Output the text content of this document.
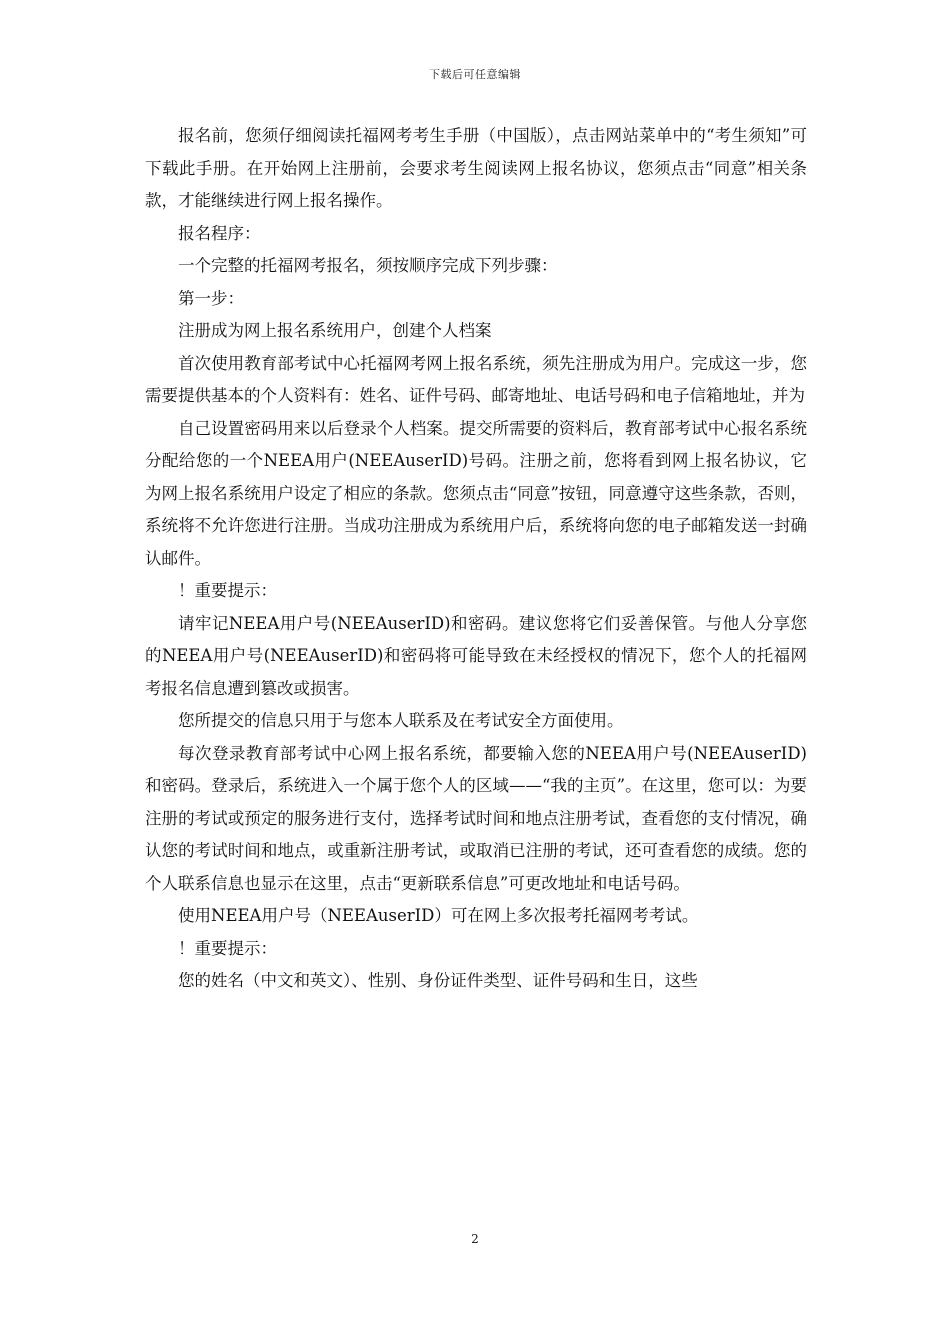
下载后可任意编辑

报名前，您须仔细阅读托福网考考生手册（中国版），点击网站菜单中的“考生须知”可下载此手册。在开始网上注册前，会要求考生阅读网上报名协议，您须点击“同意”相关条款，才能继续进行网上报名操作。

报名程序：

一个完整的托福网考报名，须按顺序完成下列步骤：

第一步：

注册成为网上报名系统用户，创建个人档案

首次使用教育部考试中心托福网考网上报名系统，须先注册成为用户。完成这一步，您需要提供基本的个人资料有：姓名、证件号码、邮寄地址、电话号码和电子信箱地址，并为

自己设置密码用来以后登录个人档案。提交所需要的资料后，教育部考试中心报名系统分配给您的一个NEEA用户(NEEAuserID)号码。注册之前，您将看到网上报名协议，它为网上报名系统用户设定了相应的条款。您须点击“同意”按钮，同意遵守这些条款，否则，系统将不允许您进行注册。当成功注册成为系统用户后，系统将向您的电子邮箱发送一封确认邮件。

！重要提示：

请牢记NEEA用户号(NEEAuserID)和密码。建议您将它们妥善保管。与他人分享您的NEEA用户号(NEEAuserID)和密码将可能导致在未经授权的情况下，您个人的托福网考报名信息遭到篡改或损害。

您所提交的信息只用于与您本人联系及在考试安全方面使用。

每次登录教育部考试中心网上报名系统，都要输入您的NEEA用户号(NEEAuserID)和密码。登录后，系统进入一个属于您个人的区域——“我的主页”。在这里，您可以：为要注册的考试或预定的服务进行支付，选择考试时间和地点注册考试，查看您的支付情况，确认您的考试时间和地点，或重新注册考试，或取消已注册的考试，还可查看您的成绩。您的个人联系信息也显示在这里，点击“更新联系信息”可更改地址和电话号码。

使用NEEA用户号（NEEAuserID）可在网上多次报考托福网考考试。

！重要提示：

您的姓名（中文和英文）、性别、身份证件类型、证件号码和生日，这些

2
